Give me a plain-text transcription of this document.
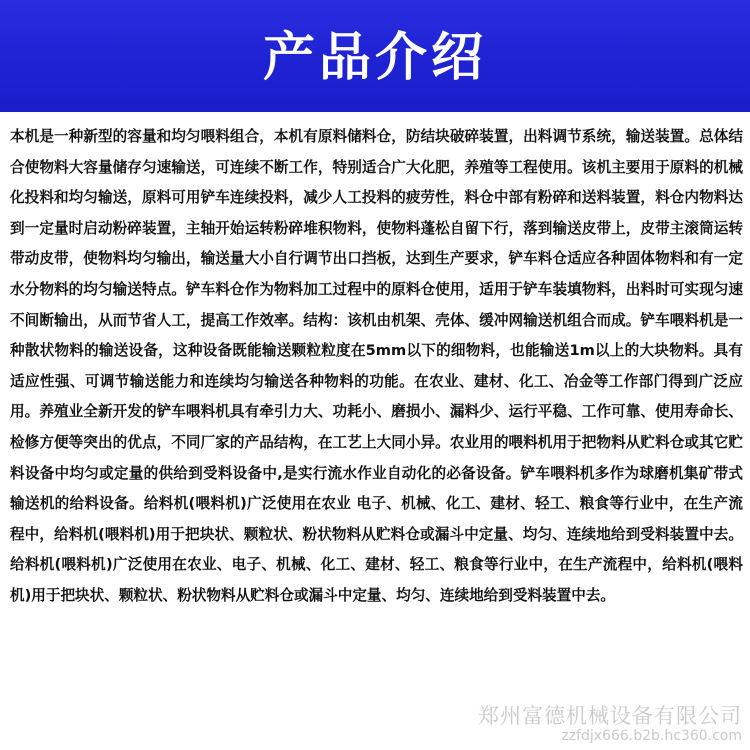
产品介绍

本机是一种新型的容量和均匀喂料组合，本机有原料储料仓，防结块破碎装置，出料调节系统，输送装置。总体结合使物料大容量储存匀速输送，可连续不断工作，特别适合广大化肥，养殖等工程使用。该机主要用于原料的机械化投料和均匀输送，原料可用铲车连续投料，减少人工投料的疲劳性，料仓中部有粉碎和送料装置，料仓内物料达到一定量时启动粉碎装置，主轴开始运转粉碎堆积物料，使物料蓬松自留下行，落到输送皮带上，皮带主滚筒运转带动皮带，使物料均匀输出，输送量大小自行调节出口挡板，达到生产要求，铲车料仓适应各种固体物料和有一定水分物料的均匀输送特点。铲车料仓作为物料加工过程中的原料仓使用，适用于铲车装填物料，出料时可实现匀速不间断输出，从而节省人工，提高工作效率。结构：该机由机架、壳体、缓冲网输送机组合而成。铲车喂料机是一种散状物料的输送设备，这种设备既能输送颗粒粒度在5mm以下的细物料，也能输送1m以上的大块物料。具有适应性强、可调节输送能力和连续均匀输送各种物料的功能。在农业、建材、化工、冶金等工作部门得到广泛应用。养殖业全新开发的铲车喂料机具有牵引力大、功耗小、磨损小、漏料少、运行平稳、工作可靠、使用寿命长、检修方便等突出的优点，不同厂家的产品结构，在工艺上大同小异。农业用的喂料机用于把物料从贮料仓或其它贮料设备中均匀或定量的供给到受料设备中,是实行流水作业自动化的必备设备。铲车喂料机多作为球磨机集矿带式输送机的给料设备。给料机(喂料机)广泛使用在农业 电子、机械、化工、建材、轻工、粮食等行业中，在生产流程中，给料机(喂料机)用于把块状、颗粒状、粉状物料从贮料仓或漏斗中定量、均匀、连续地给到受料装置中去。给料机(喂料机)广泛使用在农业、电子、机械、化工、建材、轻工、粮食等行业中，在生产流程中，给料机(喂料机)用于把块状、颗粒状、粉状物料从贮料仓或漏斗中定量、均匀、连续地给到受料装置中去。

郑州富德机械设备有限公司
zzfdjx666.b2b.hc360.com
